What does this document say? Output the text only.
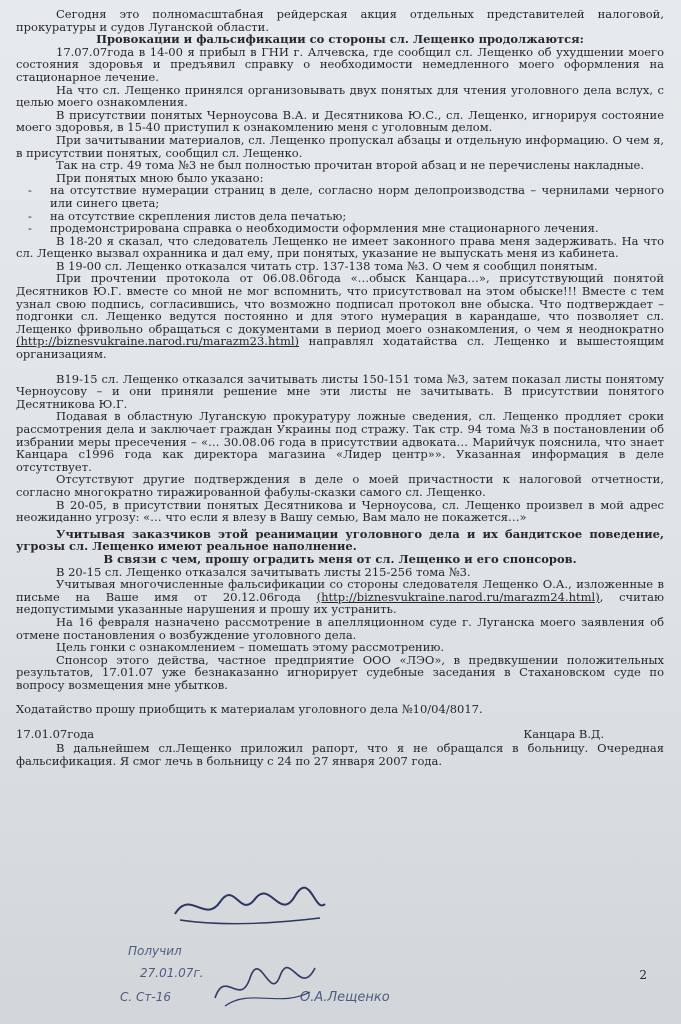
Сегодня это полномасштабная рейдерская акция отдельных представителей налоговой, прокуратуры и судов Луганской области.

Провокации и фальсификации со стороны сл. Лещенко продолжаются:

17.07.07года в 14-00 я прибыл в ГНИ г. Алчевска, где сообщил сл. Лещенко об ухудшении моего состояния здоровья и предъявил справку о необходимости немедленного моего оформления на стационарное лечение.

На что сл. Лещенко принялся организовывать двух понятых для чтения уголовного дела вслух, с целью моего ознакомления.

В присутствии понятых Черноусова В.А. и Десятникова Ю.С., сл. Лещенко, игнорируя состояние моего здоровья, в 15-40 приступил к ознакомлению меня с уголовным делом.

При зачитывании материалов, сл. Лещенко пропускал абзацы и отдельную информацию. О чем я, в присутствии понятых, сообщил сл. Лещенко.

Так на стр. 49 тома №3 не был полностью прочитан второй абзац и не перечислены накладные.

При понятых мною было указано:

- на отсутствие нумерации страниц в деле, согласно норм делопроизводства – чернилами черного или синего цвета;

- на отсутствие скрепления листов дела печатью;

- продемонстрирована справка о необходимости оформления мне стационарного лечения.

В 18-20 я сказал, что следователь Лещенко не имеет законного права меня задерживать. На что сл. Лещенко вызвал охранника и дал ему, при понятых, указание не выпускать меня из кабинета.

В 19-00 сл. Лещенко отказался читать стр. 137-138 тома №3. О чем я сообщил понятым.

При прочтении протокола от 06.08.06года «…обыск Канцара…», присутствующий понятой Десятников Ю.Г. вместе со мной не мог вспомнить, что присутствовал на этом обыске!!! Вместе с тем узнал свою подпись, согласившись, что возможно подписал протокол вне обыска. Что подтверждает – подгонки сл. Лещенко ведутся постоянно и для этого нумерация в карандаше, что позволяет сл. Лещенко фривольно обращаться с документами в период моего ознакомления, о чем я неоднократно (http://biznesvukraine.narod.ru/marazm23.html) направлял ходатайства сл. Лещенко и вышестоящим организациям.

В19-15 сл. Лещенко отказался зачитывать листы 150-151 тома №3, затем показал листы понятому Черноусову – и они приняли решение мне эти листы не зачитывать. В присутствии понятого Десятникова Ю.Г.

Подавая в областную Луганскую прокуратуру ложные сведения, сл. Лещенко продляет сроки рассмотрения дела и заключает граждан Украины под стражу. Так стр. 94 тома №3 в постановлении об избрании меры пресечения – «… 30.08.06 года в присутствии адвоката… Марийчук пояснила, что знает Канцара с1996 года как директора магазина «Лидер центр»». Указанная информация в деле отсутствует.

Отсутствуют другие подтверждения в деле о моей причастности к налоговой отчетности, согласно многократно тиражированной фабулы-сказки самого сл. Лещенко.

В 20-05, в присутствии понятых Десятникова и Черноусова, сл. Лещенко произвел в мой адрес неожиданно угрозу: «… что если я влезу в Вашу семью, Вам мало не покажется…»

Учитывая заказчиков этой реанимации уголовного дела и их бандитское поведение, угрозы сл. Лещенко имеют реальное наполнение.

В связи с чем, прошу оградить меня от сл. Лещенко и его спонсоров.

В 20-15 сл. Лещенко отказался зачитывать листы 215-256 тома №3.

Учитывая многочисленные фальсификации со стороны следователя Лещенко О.А., изложенные в письме на Ваше имя от 20.12.06года (http://biznesvukraine.narod.ru/marazm24.html), считаю недопустимыми указанные нарушения и прошу их устранить.

На 16 февраля назначено рассмотрение в апелляционном суде г. Луганска моего заявления об отмене постановления о возбуждение уголовного дела.

Цель гонки с ознакомлением – помешать этому рассмотрению.

Спонсор этого действа, частное предприятие ООО «ЛЭО», в предвкушении положительных результатов, 17.01.07 уже безнаказанно игнорирует судебные заседания в Стахановском суде по вопросу возмещения мне убытков.

Ходатайство прошу приобщить к материалам уголовного дела №10/04/8017.

17.01.07года	Канцара В.Д.

В дальнейшем сл.Лещенко приложил рапорт, что я не обращался в больницу. Очередная фальсификация. Я смог лечь в больницу с 24 по 27 января 2007 года.

Получил
27.01.07г.
С. Ст-16	О.А.Лещенко
2
